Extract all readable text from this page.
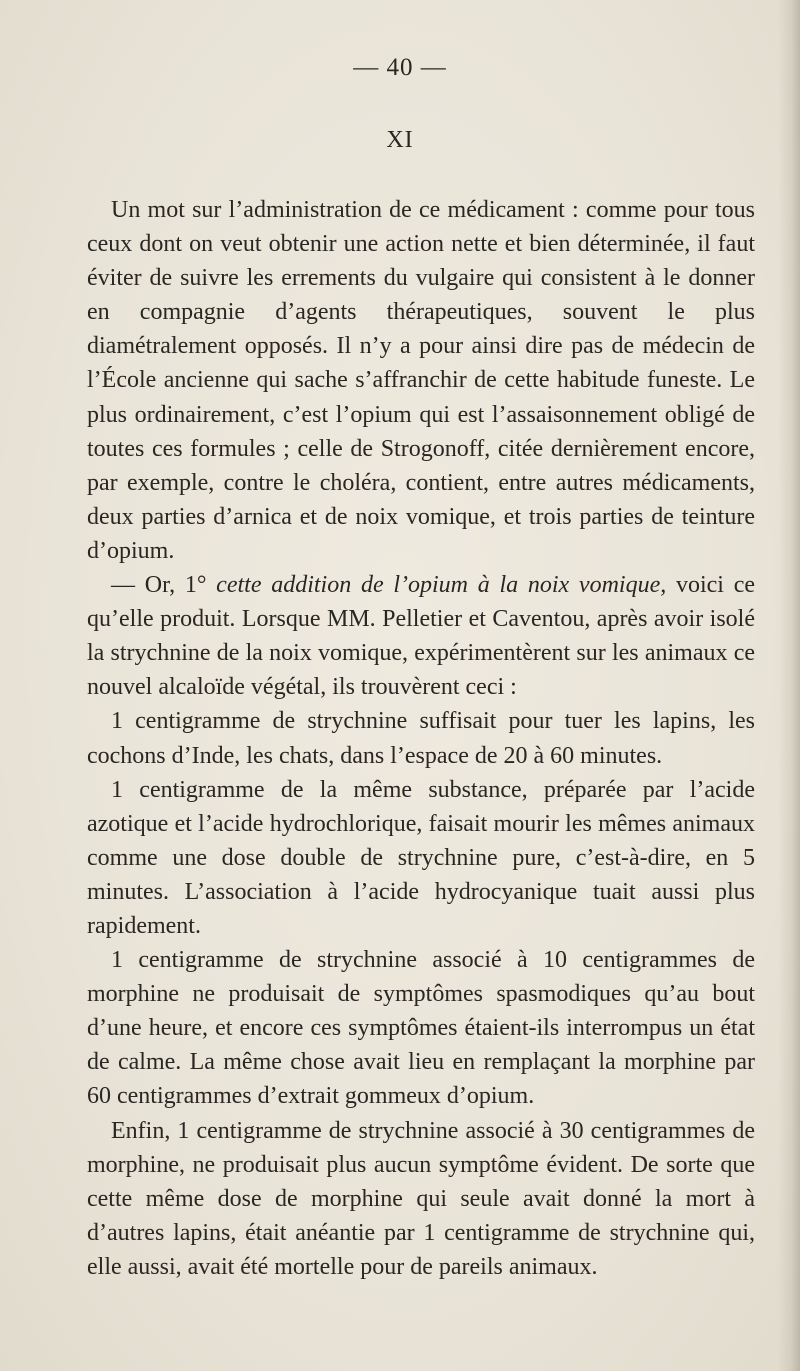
— 40 —
XI

Un mot sur l’administration de ce médicament : comme pour tous ceux dont on veut obtenir une action nette et bien déterminée, il faut éviter de suivre les errements du vulgaire qui consistent à le donner en compagnie d’agents thérapeutiques, souvent le plus diamétralement opposés. Il n’y a pour ainsi dire pas de médecin de l’École ancienne qui sache s’affranchir de cette habitude funeste. Le plus ordinairement, c’est l’opium qui est l’assaisonnement obligé de toutes ces formules ; celle de Strogonoff, citée dernièrement encore, par exemple, contre le choléra, contient, entre autres médicaments, deux parties d’arnica et de noix vomique, et trois parties de teinture d’opium.

— Or, 1° cette addition de l’opium à la noix vomique, voici ce qu’elle produit. Lorsque MM. Pelletier et Caventou, après avoir isolé la strychnine de la noix vomique, expérimentèrent sur les animaux ce nouvel alcaloïde végétal, ils trouvèrent ceci :

1 centigramme de strychnine suffisait pour tuer les lapins, les cochons d’Inde, les chats, dans l’espace de 20 à 60 minutes.

1 centigramme de la même substance, préparée par l’acide azotique et l’acide hydrochlorique, faisait mourir les mêmes animaux comme une dose double de strychnine pure, c’est-à-dire, en 5 minutes. L’association à l’acide hydrocyanique tuait aussi plus rapidement.

1 centigramme de strychnine associé à 10 centigrammes de morphine ne produisait de symptômes spasmodiques qu’au bout d’une heure, et encore ces symptômes étaient-ils interrompus un état de calme. La même chose avait lieu en remplaçant la morphine par 60 centigrammes d’extrait gommeux d’opium.

Enfin, 1 centigramme de strychnine associé à 30 centigrammes de morphine, ne produisait plus aucun symptôme évident. De sorte que cette même dose de morphine qui seule avait donné la mort à d’autres lapins, était anéantie par 1 centigramme de strychnine qui, elle aussi, avait été mortelle pour de pareils animaux.
